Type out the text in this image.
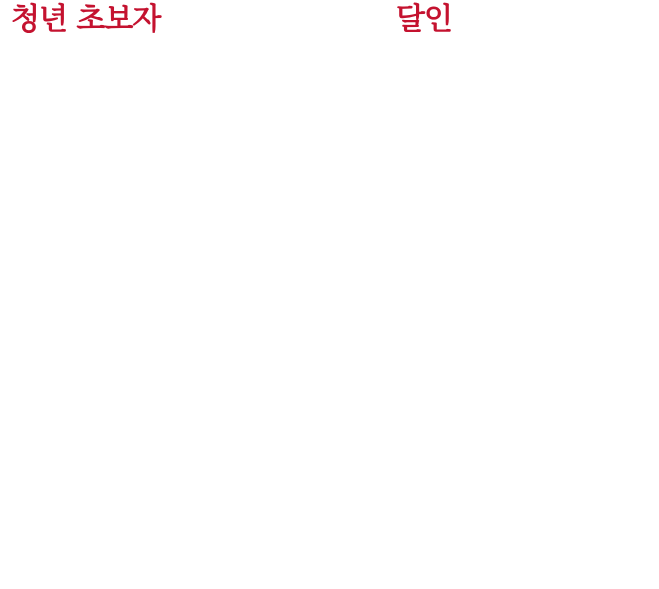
청년 초보자	달인
